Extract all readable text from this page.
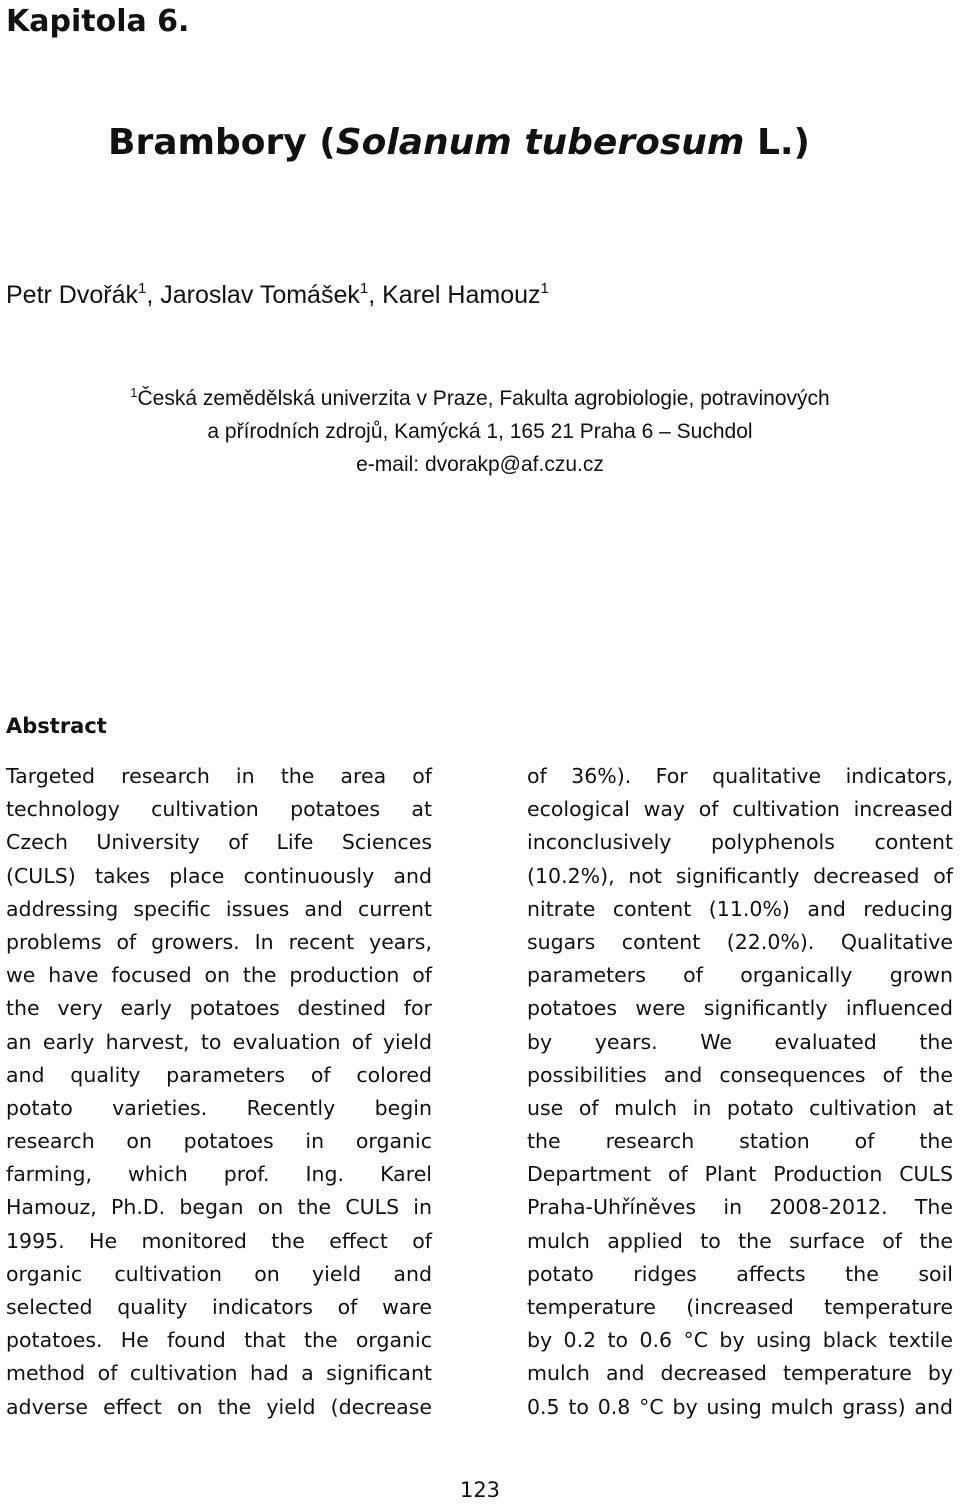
Kapitola 6.
Brambory (Solanum tuberosum L.)
Petr Dvořák$^1$, Jaroslav Tomášek$^1$, Karel Hamouz$^1$
$^1$Česká zemědělská univerzita v Praze, Fakulta agrobiologie, potravinových
a přírodních zdrojů, Kamýcká 1, 165 21 Praha 6 – Suchdol
e-mail: dvorakp@af.czu.cz
Abstract
Targeted research in the area of
technology cultivation potatoes at
Czech University of Life Sciences
(CULS) takes place continuously and
addressing specific issues and current
problems of growers. In recent years,
we have focused on the production of
the very early potatoes destined for
an early harvest, to evaluation of yield
and quality parameters of colored
potato varieties. Recently begin
research on potatoes in organic
farming, which prof. Ing. Karel
Hamouz, Ph.D. began on the CULS in
1995. He monitored the effect of
organic cultivation on yield and
selected quality indicators of ware
potatoes. He found that the organic
method of cultivation had a significant
adverse effect on the yield (decrease
of 36%). For qualitative indicators,
ecological way of cultivation increased
inconclusively polyphenols content
(10.2%), not significantly decreased of
nitrate content (11.0%) and reducing
sugars content (22.0%). Qualitative
parameters of organically grown
potatoes were significantly influenced
by years. We evaluated the
possibilities and consequences of the
use of mulch in potato cultivation at
the research station of the
Department of Plant Production CULS
Praha-Uhříněves in 2008-2012. The
mulch applied to the surface of the
potato ridges affects the soil
temperature (increased temperature
by 0.2 to 0.6 °C by using black textile
mulch and decreased temperature by
0.5 to 0.8 °C by using mulch grass) and
123
